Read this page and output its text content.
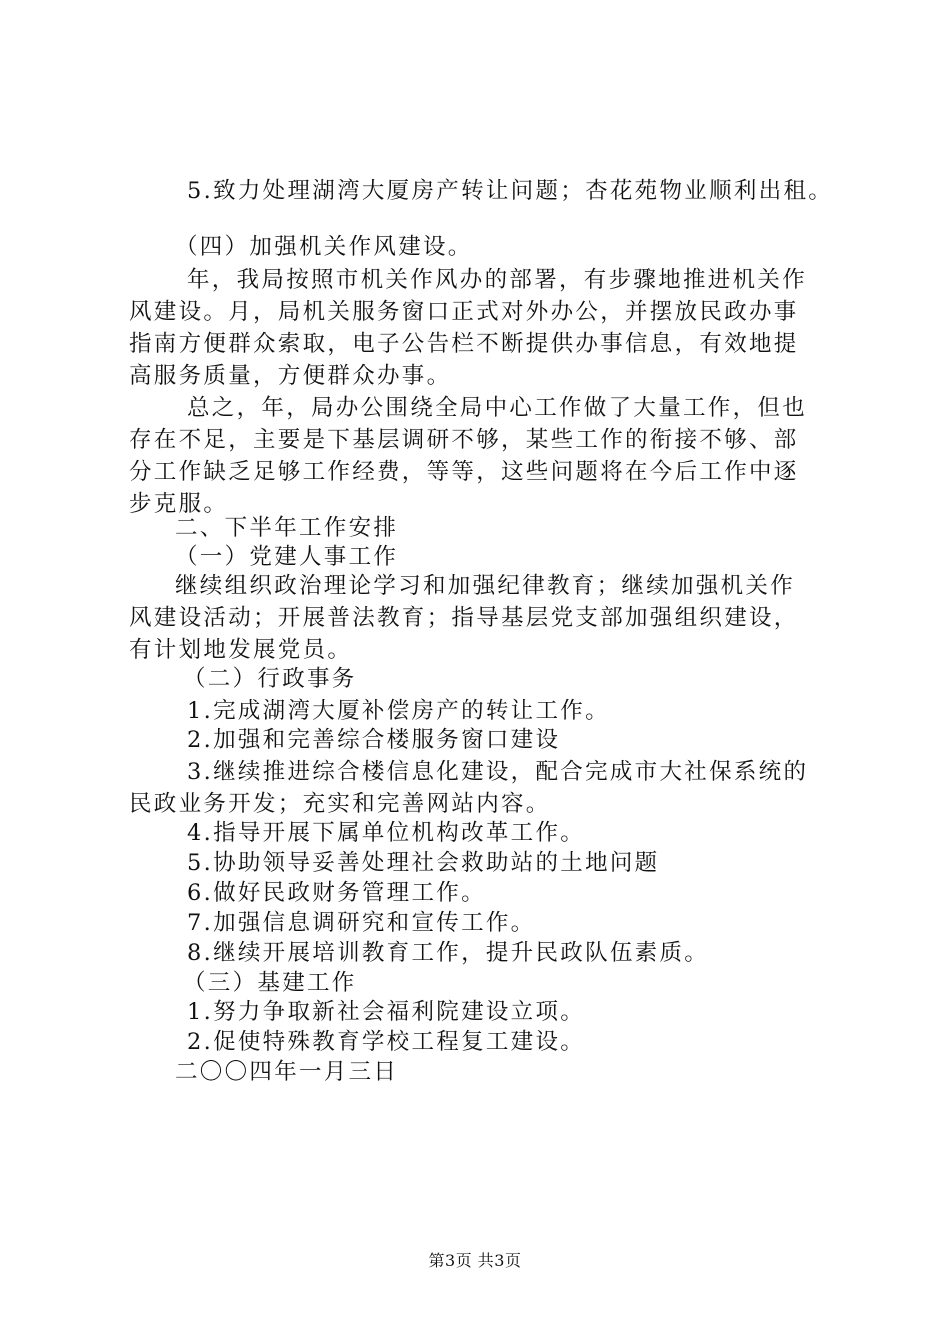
5.致力处理湖湾大厦房产转让问题；杏花苑物业顺利出租。
（四）加强机关作风建设。
年，我局按照市机关作风办的部署，有步骤地推进机关作
风建设。月，局机关服务窗口正式对外办公，并摆放民政办事
指南方便群众索取，电子公告栏不断提供办事信息，有效地提
高服务质量，方便群众办事。
总之，年，局办公围绕全局中心工作做了大量工作，但也
存在不足，主要是下基层调研不够，某些工作的衔接不够、部
分工作缺乏足够工作经费，等等，这些问题将在今后工作中逐
步克服。
二、下半年工作安排
（一）党建人事工作
继续组织政治理论学习和加强纪律教育；继续加强机关作
风建设活动；开展普法教育；指导基层党支部加强组织建设，
有计划地发展党员。
（二）行政事务
1.完成湖湾大厦补偿房产的转让工作。
2.加强和完善综合楼服务窗口建设
3.继续推进综合楼信息化建设，配合完成市大社保系统的
民政业务开发；充实和完善网站内容。
4.指导开展下属单位机构改革工作。
5.协助领导妥善处理社会救助站的土地问题
6.做好民政财务管理工作。
7.加强信息调研究和宣传工作。
8.继续开展培训教育工作，提升民政队伍素质。
（三）基建工作
1.努力争取新社会福利院建设立项。
2.促使特殊教育学校工程复工建设。
二〇〇四年一月三日
第3页 共3页
